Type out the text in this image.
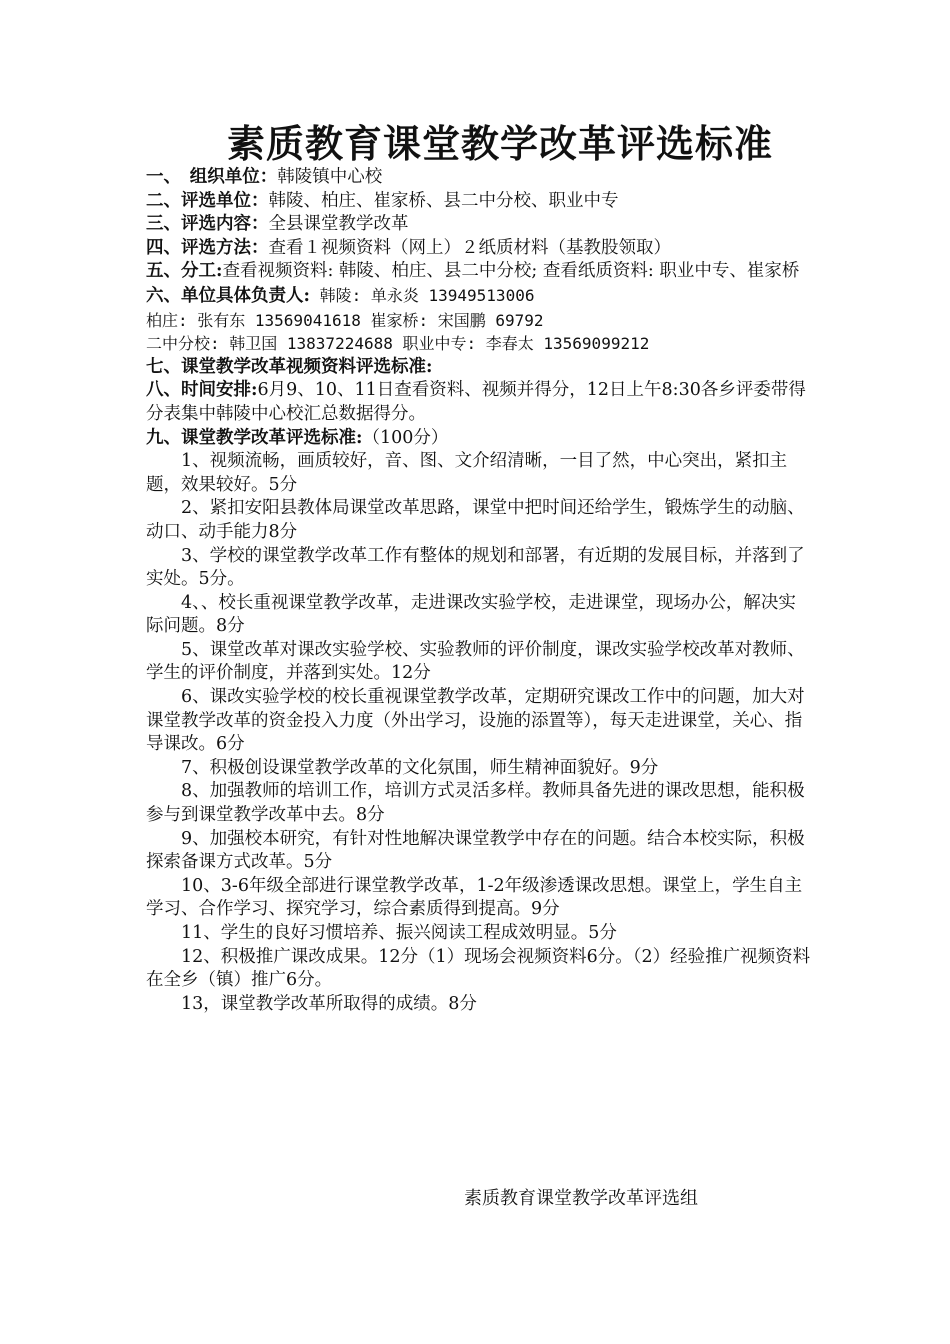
素质教育课堂教学改革评选标准

一、　组织单位：韩陵镇中心校

二、评选单位：韩陵、柏庄、崔家桥、县二中分校、职业中专

三、评选内容：全县课堂教学改革

四、评选方法：查看１视频资料（网上）２纸质材料（基教股领取）

五、分工:查看视频资料: 韩陵、柏庄、县二中分校; 查看纸质资料: 职业中专、崔家桥

六、单位具体负责人: 韩陵: 单永炎 13949513006

柏庄: 张有东 13569041618 崔家桥: 宋国鹏 69792

二中分校: 韩卫国 13837224688 职业中专: 李春太 13569099212

七、课堂教学改革视频资料评选标准:

八、时间安排:6月9、10、11日查看资料、视频并得分，12日上午8:30各乡评委带得分表集中韩陵中心校汇总数据得分。

九、课堂教学改革评选标准:（100分）

1、视频流畅，画质较好，音、图、文介绍清晰，一目了然，中心突出，紧扣主题，效果较好。5分

2、紧扣安阳县教体局课堂改革思路，课堂中把时间还给学生，锻炼学生的动脑、动口、动手能力8分

3、学校的课堂教学改革工作有整体的规划和部署，有近期的发展目标，并落到了实处。5分。

4、、校长重视课堂教学改革，走进课改实验学校，走进课堂，现场办公，解决实际问题。8分

5、课堂改革对课改实验学校、实验教师的评价制度，课改实验学校改革对教师、学生的评价制度，并落到实处。12分

6、课改实验学校的校长重视课堂教学改革，定期研究课改工作中的问题，加大对课堂教学改革的资金投入力度（外出学习，设施的添置等），每天走进课堂，关心、指导课改。6分

7、积极创设课堂教学改革的文化氛围，师生精神面貌好。9分

8、加强教师的培训工作，培训方式灵活多样。教师具备先进的课改思想，能积极参与到课堂教学改革中去。8分

9、加强校本研究，有针对性地解决课堂教学中存在的问题。结合本校实际，积极探索备课方式改革。5分

10、3-6年级全部进行课堂教学改革，1-2年级渗透课改思想。课堂上，学生自主学习、合作学习、探究学习，综合素质得到提高。9分

11、学生的良好习惯培养、振兴阅读工程成效明显。5分

12、积极推广课改成果。12分（1）现场会视频资料6分。（2）经验推广视频资料在全乡（镇）推广6分。

13，课堂教学改革所取得的成绩。8分

素质教育课堂教学改革评选组
